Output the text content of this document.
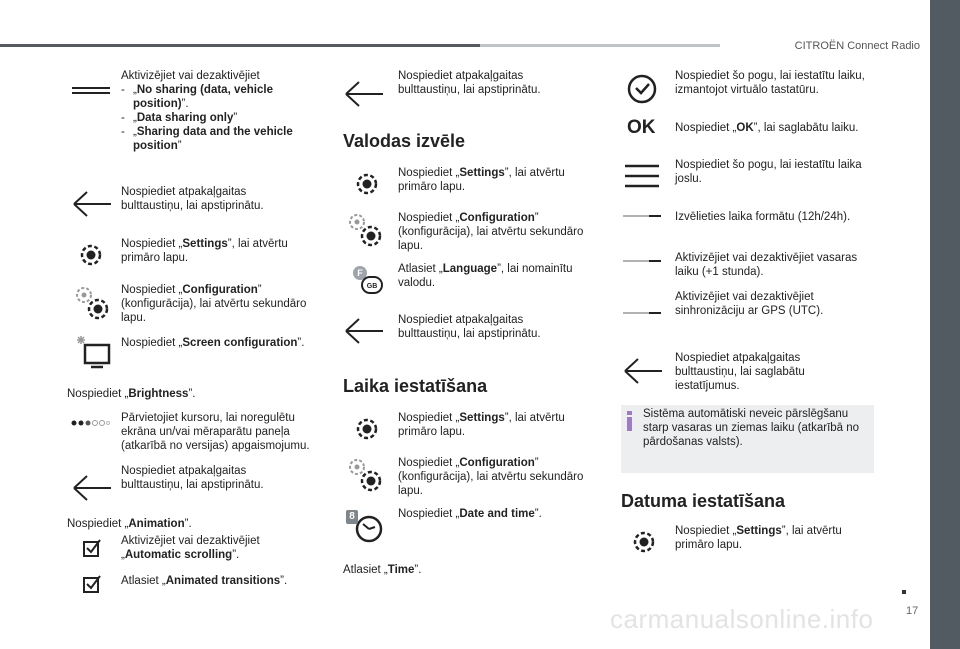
CITROËN Connect Radio
Aktivizējiet vai dezaktivējiet
- „No sharing (data, vehicle position)”.
- „Data sharing only”
- „Sharing data and the vehicle position”
Nospiediet atpakaļgaitas bulttaustiņu, lai apstiprinātu.
Nospiediet „Settings”, lai atvērtu primāro lapu.
Nospiediet „Configuration” (konfigurācija), lai atvērtu sekundāro lapu.
Nospiediet „Screen configuration”.
Nospiediet „Brightness”.
Pārvietojiet kursoru, lai noregulētu ekrāna un/vai mēraparātu paneļa (atkarībā no versijas) apgaismojumu.
Nospiediet atpakaļgaitas bulttaustiņu, lai apstiprinātu.
Nospiediet „Animation”.
Aktivizējiet vai dezaktivējiet „Automatic scrolling”.
Atlasiet „Animated transitions”.
Nospiediet atpakaļgaitas bulttaustiņu, lai apstiprinātu.
Valodas izvēle
Nospiediet „Settings”, lai atvērtu primāro lapu.
Nospiediet „Configuration” (konfigurācija), lai atvērtu sekundāro lapu.
F
GB
Atlasiet „Language”, lai nomainītu valodu.
Nospiediet atpakaļgaitas bulttaustiņu, lai apstiprinātu.
Laika iestatīšana
Nospiediet „Settings”, lai atvērtu primāro lapu.
Nospiediet „Configuration” (konfigurācija), lai atvērtu sekundāro lapu.
8	Nospiediet „Date and time”.
Atlasiet „Time”.
Nospiediet šo pogu, lai iestatītu laiku, izmantojot virtuālo tastatūru.
OK Nospiediet „OK”, lai saglabātu laiku.
Nospiediet šo pogu, lai iestatītu laika joslu.
Izvēlieties laika formātu (12h/24h).
Aktivizējiet vai dezaktivējiet vasaras laiku (+1 stunda).
Aktivizējiet vai dezaktivējiet sinhronizāciju ar GPS (UTC).
Nospiediet atpakaļgaitas bulttaustiņu, lai saglabātu iestatījumus.
Sistēma automātiski neveic pārslēgšanu starp vasaras un ziemas laiku (atkarībā no pārdošanas valsts).
Datuma iestatīšana
Nospiediet „Settings”, lai atvērtu primāro lapu.
17
carmanualsonline.info
